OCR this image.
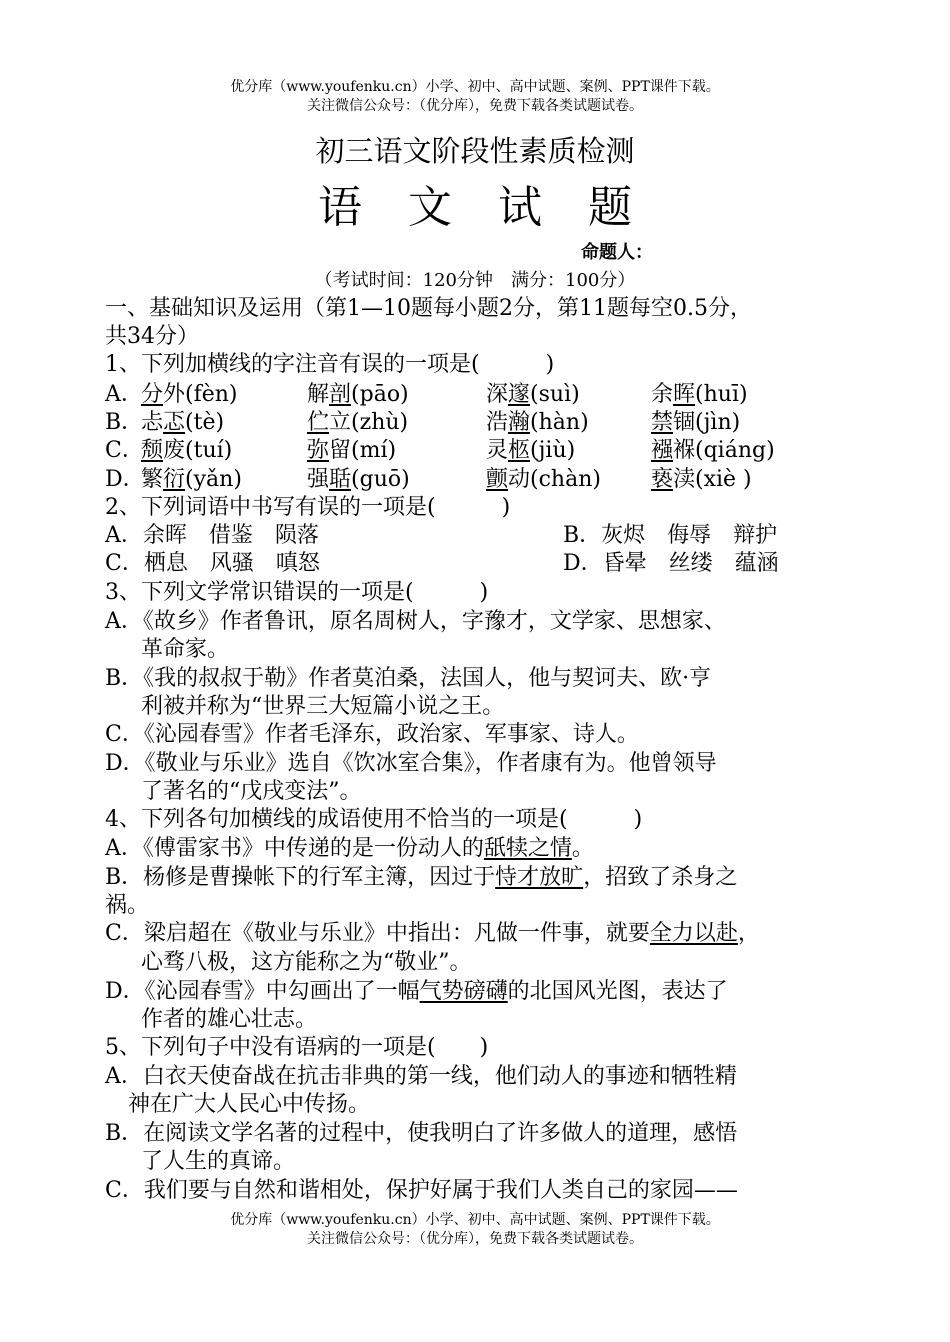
优分库（www.youfenku.cn）小学、初中、高中试题、案例、PPT课件下载。
关注微信公众号：（优分库），免费下载各类试题试卷。
初三语文阶段性素质检测
语文试题
命题人：
（考试时间：120分钟　满分：100分）
一、基础知识及运用（第1—10题每小题2分，第11题每空0.5分，
共34分）
1、下列加横线的字注音有误的一项是(　　　)
A．
分外(fèn)	解剖(pāo)	深邃(suì)	余晖(huī)
B．
忐忑(tè)	伫立(zhù)	浩瀚(hàn)	禁锢(jìn)
C．
颓废(tuí)	弥留(mí)	灵柩(jiù)	襁褓(qiáng)
D．
繁衍(yǎn)	强聒(guō)	颤动(chàn) 亵渎(xiè )
2、下列词语中书写有误的一项是(　　　)
A．余晖　借鉴　陨落	B．灰烬　侮辱　辩护
C．栖息　风骚　嗔怒	D．昏晕　丝缕　蕴涵
3、下列文学常识错误的一项是(　　　)
A．《故乡》作者鲁讯，原名周树人，字豫才，文学家、思想家、
革命家。
B．《我的叔叔于勒》作者莫泊桑，法国人，他与契诃夫、欧·亨
利被并称为“世界三大短篇小说之王。
C．《沁园春雪》作者毛泽东，政治家、军事家、诗人。
D．《敬业与乐业》选自《饮冰室合集》，作者康有为。他曾领导
了著名的“戊戌变法”。
4、下列各句加横线的成语使用不恰当的一项是(　　　)
A．《傅雷家书》中传递的是一份动人的舐犊之情。
B．杨修是曹操帐下的行军主簿，因过于恃才放旷，招致了杀身之
祸。
C．梁启超在《敬业与乐业》中指出：凡做一件事，就要全力以赴，
心骛八极，这方能称之为“敬业”。
D．《沁园春雪》中勾画出了一幅气势磅礴的北国风光图，表达了
作者的雄心壮志。
5、下列句子中没有语病的一项是(　　)
A．白衣天使奋战在抗击非典的第一线，他们动人的事迹和牺牲精
神在广大人民心中传扬。
B．在阅读文学名著的过程中，使我明白了许多做人的道理，感悟
了人生的真谛。
C．我们要与自然和谐相处，保护好属于我们人类自己的家园——
优分库（www.youfenku.cn）小学、初中、高中试题、案例、PPT课件下载。
关注微信公众号：（优分库），免费下载各类试题试卷。
